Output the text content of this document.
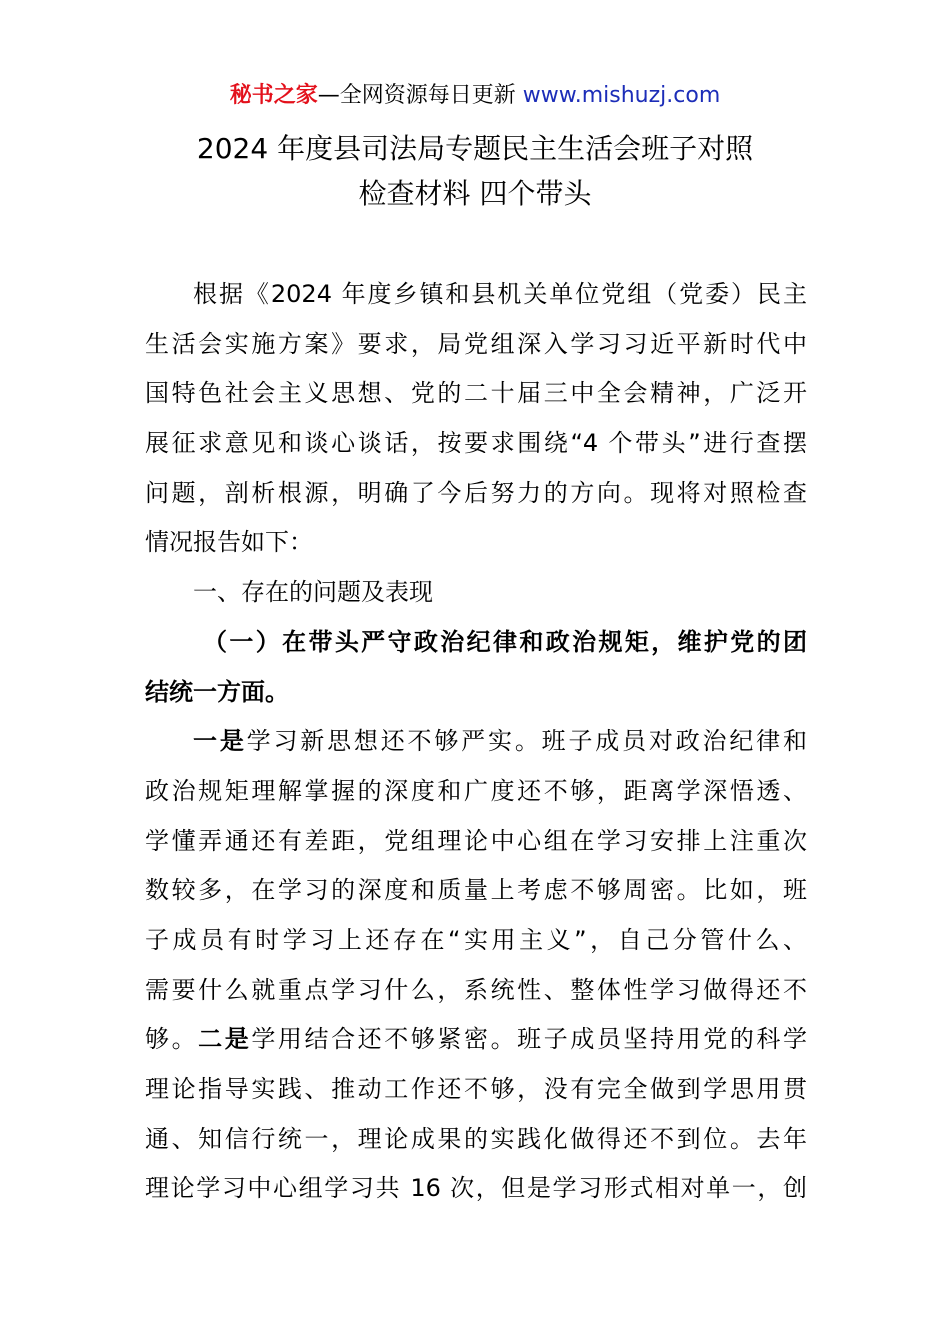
秘书之家—全网资源每日更新 www.mishuzj.com
2024 年度县司法局专题民主生活会班子对照
检查材料 四个带头
根据《2024 年度乡镇和县机关单位党组（党委）民主
生活会实施方案》要求，局党组深入学习习近平新时代中
国特色社会主义思想、党的二十届三中全会精神，广泛开
展征求意见和谈心谈话，按要求围绕“4 个带头”进行查摆
问题，剖析根源，明确了今后努力的方向。现将对照检查
情况报告如下：
一、存在的问题及表现
（一）在带头严守政治纪律和政治规矩，维护党的团
结统一方面。
一是学习新思想还不够严实。班子成员对政治纪律和
政治规矩理解掌握的深度和广度还不够，距离学深悟透、
学懂弄通还有差距，党组理论中心组在学习安排上注重次
数较多，在学习的深度和质量上考虑不够周密。比如，班
子成员有时学习上还存在“实用主义”，自己分管什么、
需要什么就重点学习什么，系统性、整体性学习做得还不
够。二是学用结合还不够紧密。班子成员坚持用党的科学
理论指导实践、推动工作还不够，没有完全做到学思用贯
通、知信行统一，理论成果的实践化做得还不到位。去年
理论学习中心组学习共 16 次，但是学习形式相对单一，创
